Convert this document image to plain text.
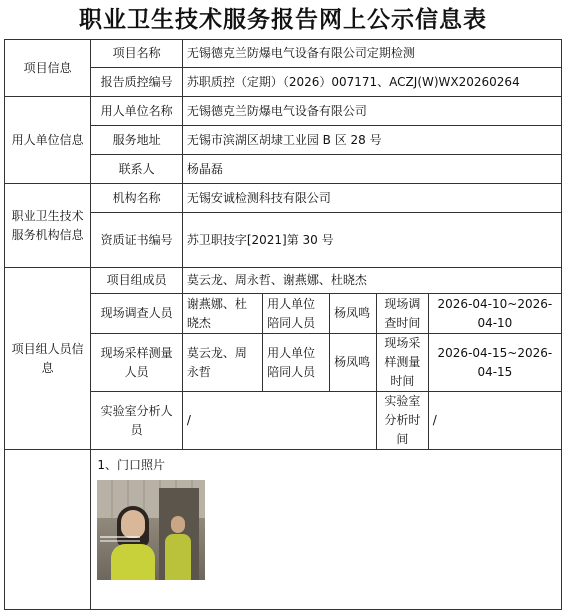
职业卫生技术服务报告网上公示信息表
项目信息	项目名称	无锡德克兰防爆电气设备有限公司定期检测				
	报告质控编号	苏职质控（定期）（2026）007171、ACZJ(W)WX20260264				
用人单位信息	用人单位名称	无锡德克兰防爆电气设备有限公司				
	服务地址	无锡市滨湖区胡埭工业园 B 区 28 号				
	联系人	杨晶磊				
职业卫生技术服务机构信息	机构名称	无锡安诚检测科技有限公司				
	资质证书编号	苏卫职技字[2021]第 30 号				
项目组人员信息	项目组成员	莫云龙、周永哲、谢燕娜、杜晓杰				
	现场调查人员	谢燕娜、杜晓杰	用人单位陪同人员	杨凤鸣	现场调查时间	2026-04-10~2026-04-10
	现场采样测量人员	莫云龙、周永哲	用人单位陪同人员	杨凤鸣	现场采样测量时间	2026-04-15~2026-04-15
	实验室分析人员	/			实验室分析时间	/

	1、门口照片					
